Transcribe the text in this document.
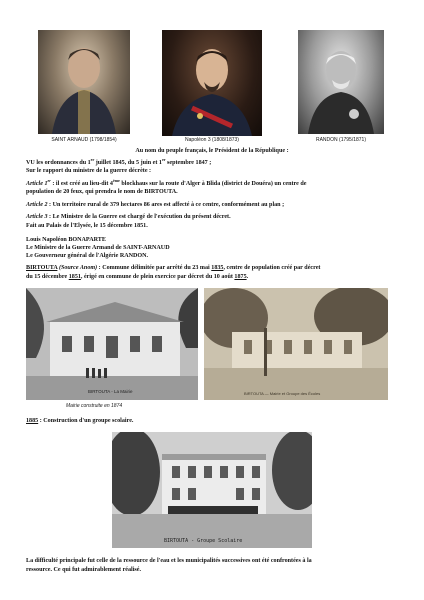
SAINT ARNAUD (1798/1854)	Napoléon 3 (1808/1873)	RANDON (1795/1871)
Au nom du peuple français, le Président de la République :
VU les ordonnances du 1er juillet 1845, du 5 juin et 1er septembre 1847 ;
Sur le rapport du ministre de la guerre décrète :
Article 1er : il est créé au lieu-dit 4ème blockhaus sur la route d'Alger à Blida (district de Douéra) un centre de
population de 20 feux, qui prendra le nom de BIRTOUTA.
Article 2 : Un territoire rural de 379 hectares 86 ares est affecté à ce centre, conformément au plan ;
Article 3 : Le Ministre de la Guerre est chargé de l'exécution du présent décret.
Fait au Palais de l'Elysée, le 15 décembre 1851.
Louis Napoléon BONAPARTE
Le Ministre de la Guerre Armand de SAINT-ARNAUD
Le Gouverneur général de l'Algérie RANDON.
BIRTOUTA (Source Anom) : Commune délimitée par arrêté du 23 mai 1835, centre de population créé par décret
du 15 décembre 1851, érigé en commune de plein exercice par décret du 10 août 1875.
BIRTOUTA - La Mairie
Mairie construite en 1874
BIRTOUTA — Mairie et Groupe des Écoles
1885 : Construction d'un groupe scolaire.
BIRTOUTA - Groupe Scolaire
La difficulté principale fut celle de la ressource de l'eau et les municipalités successives ont été confrontées à la
ressource. Ce qui fut admirablement réalisé.
